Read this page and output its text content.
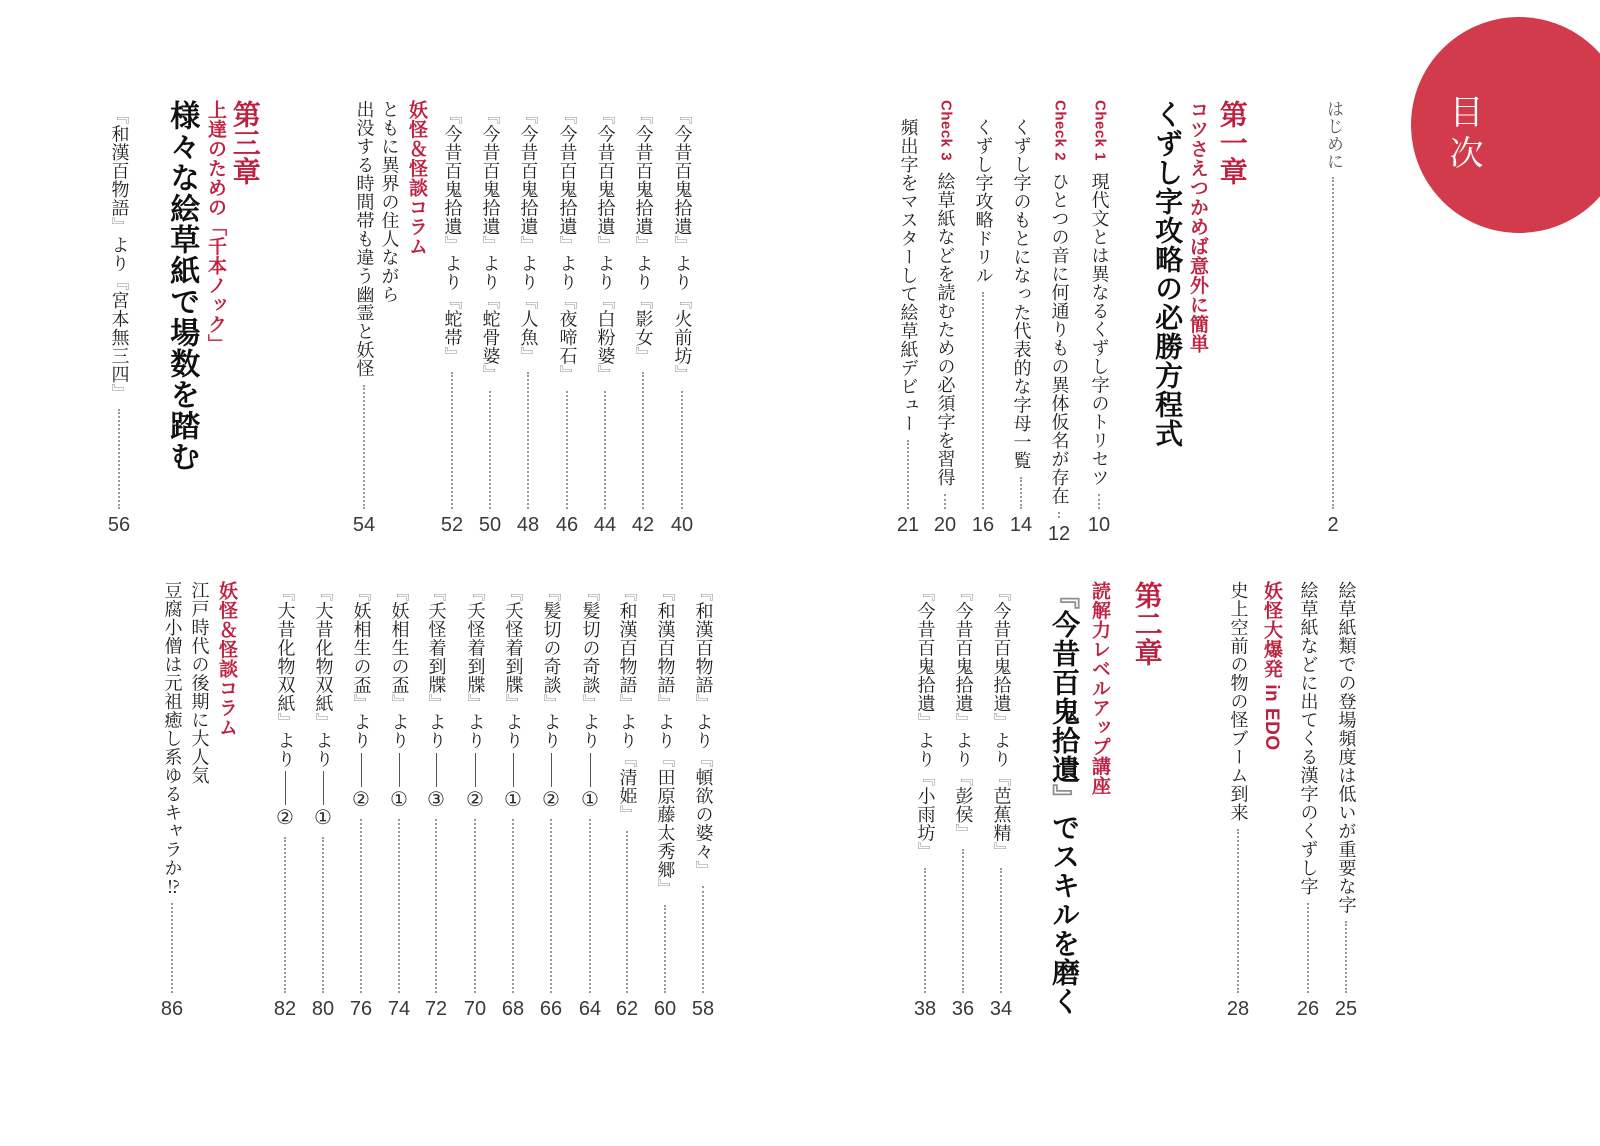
目次
はじめに
2
第一章
コツさえつかめば意外に簡単
くずし字攻略の必勝方程式
Check 1現代文とは異なるくずし字のトリセツ
10
Check 2ひとつの音に何通りもの異体仮名が存在
12
くずし字のもとになった代表的な字母一覧
14
くずし字攻略ドリル
16
Check 3絵草紙などを読むための必須字を習得
20
頻出字をマスターして絵草紙デビュー
21
『今昔百鬼拾遺』より『火前坊』
40
『今昔百鬼拾遺』より『影女』
42
『今昔百鬼拾遺』より『白粉婆』
44
『今昔百鬼拾遺』より『夜啼石』
46
『今昔百鬼拾遺』より『人魚』
48
『今昔百鬼拾遺』より『蛇骨婆』
50
『今昔百鬼拾遺』より『蛇帯』
52
妖怪＆怪談コラム
ともに異界の住人ながら
出没する時間帯も違う幽霊と妖怪
54
第三章
上達のための「千本ノック」
様々な絵草紙で場数を踏む
『和漢百物語』より『宮本無三四』
56
絵草紙類での登場頻度は低いが重要な字
25
絵草紙などに出てくる漢字のくずし字
26
妖怪大爆発 in EDO
史上空前の物の怪ブーム到来
28
第二章
読解力レベルアップ講座
『今昔百鬼拾遺』でスキルを磨く
『今昔百鬼拾遺』より『芭蕉精』
34
『今昔百鬼拾遺』より『彭侯』
36
『今昔百鬼拾遺』より『小雨坊』
38
『和漢百物語』より『頓欲の婆々』
58
『和漢百物語』より『田原藤太秀郷』
60
『和漢百物語』より『清姫』
62
『髪切の奇談』より
①
64
『髪切の奇談』より
②
66
『夭怪着到牒』より
①
68
『夭怪着到牒』より
②
70
『夭怪着到牒』より
③
72
『妖相生の盃』より
①
74
『妖相生の盃』より
②
76
『大昔化物双紙』より
①
80
『大昔化物双紙』より
②
82
妖怪＆怪談コラム
江戸時代の後期に大人気
豆腐小僧は元祖癒し系ゆるキャラか⁉
86
